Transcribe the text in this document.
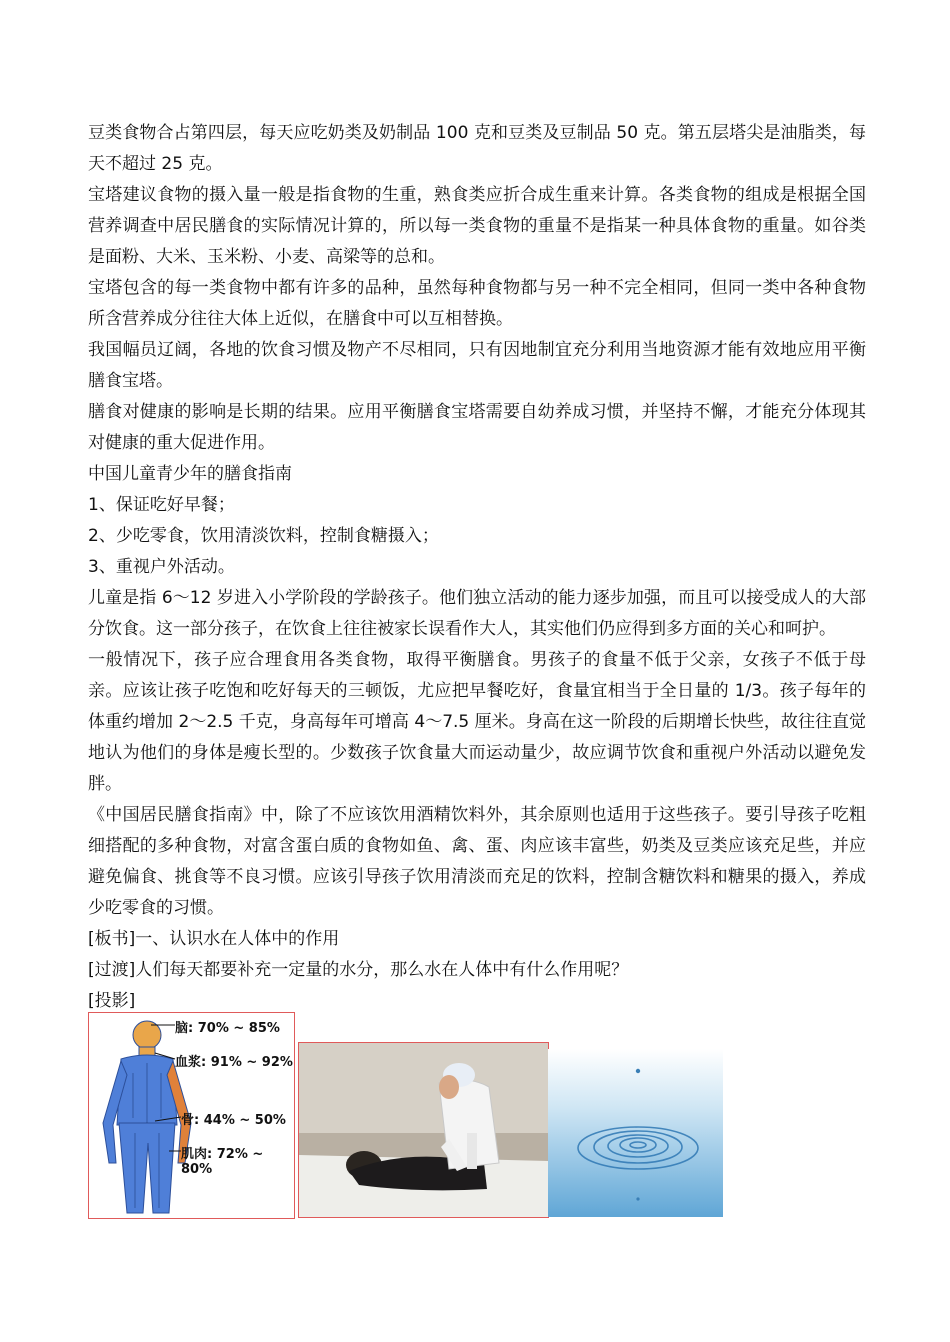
豆类食物合占第四层，每天应吃奶类及奶制品 100 克和豆类及豆制品 50 克。第五层塔尖是油脂类，每天不超过 25 克。

宝塔建议食物的摄入量一般是指食物的生重，熟食类应折合成生重来计算。各类食物的组成是根据全国营养调查中居民膳食的实际情况计算的，所以每一类食物的重量不是指某一种具体食物的重量。如谷类是面粉、大米、玉米粉、小麦、高梁等的总和。

宝塔包含的每一类食物中都有许多的品种，虽然每种食物都与另一种不完全相同，但同一类中各种食物所含营养成分往往大体上近似，在膳食中可以互相替换。

我国幅员辽阔，各地的饮食习惯及物产不尽相同，只有因地制宜充分利用当地资源才能有效地应用平衡膳食宝塔。

膳食对健康的影响是长期的结果。应用平衡膳食宝塔需要自幼养成习惯，并坚持不懈，才能充分体现其对健康的重大促进作用。

中国儿童青少年的膳食指南

1、保证吃好早餐；

2、少吃零食，饮用清淡饮料，控制食糖摄入；

3、重视户外活动。

儿童是指 6～12 岁进入小学阶段的学龄孩子。他们独立活动的能力逐步加强，而且可以接受成人的大部分饮食。这一部分孩子，在饮食上往往被家长误看作大人，其实他们仍应得到多方面的关心和呵护。

一般情况下，孩子应合理食用各类食物，取得平衡膳食。男孩子的食量不低于父亲，女孩子不低于母亲。应该让孩子吃饱和吃好每天的三顿饭，尤应把早餐吃好，食量宜相当于全日量的 1/3。孩子每年的体重约增加 2～2.5 千克，身高每年可增高 4～7.5 厘米。身高在这一阶段的后期增长快些，故往往直觉地认为他们的身体是瘦长型的。少数孩子饮食量大而运动量少，故应调节饮食和重视户外活动以避免发胖。

《中国居民膳食指南》中，除了不应该饮用酒精饮料外，其余原则也适用于这些孩子。要引导孩子吃粗细搭配的多种食物，对富含蛋白质的食物如鱼、禽、蛋、肉应该丰富些，奶类及豆类应该充足些，并应避免偏食、挑食等不良习惯。应该引导孩子饮用清淡而充足的饮料，控制含糖饮料和糖果的摄入，养成少吃零食的习惯。

[板书]一、认识水在人体中的作用

[过渡]人们每天都要补充一定量的水分，那么水在人体中有什么作用呢？

[投影]

脑: 70% ~ 85%
血浆: 91% ~ 92%
骨: 44% ~ 50%
肌肉: 72% ~ 80%
